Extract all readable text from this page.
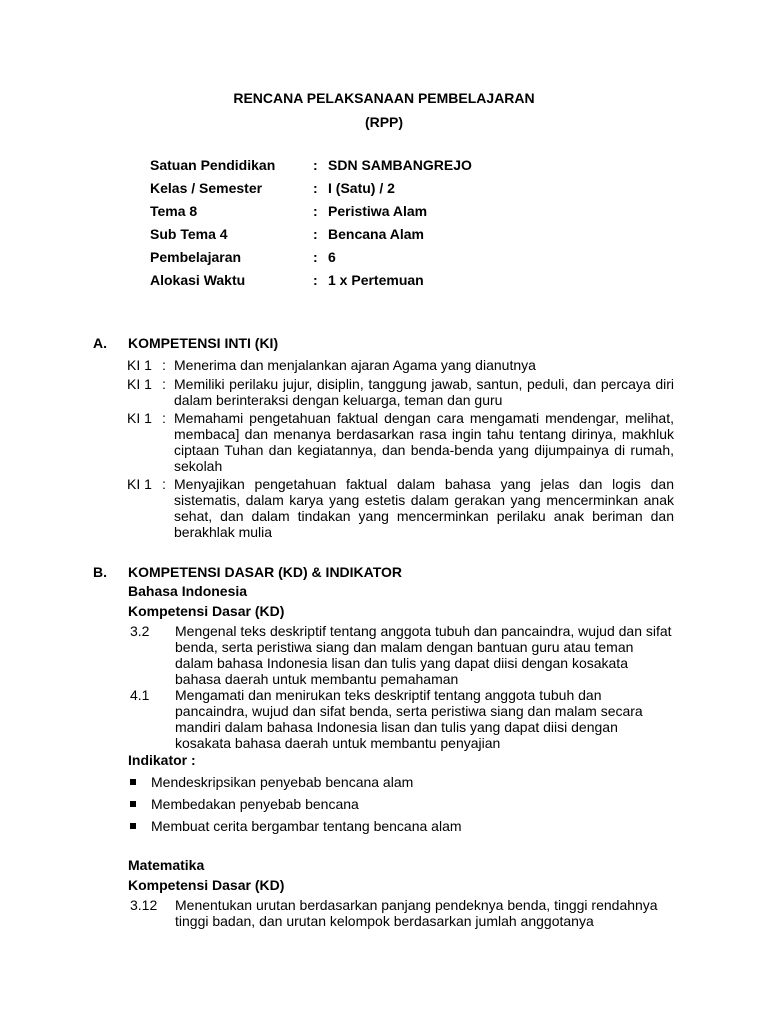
RENCANA PELAKSANAAN PEMBELAJARAN
(RPP)
Satuan Pendidikan	: SDN SAMBANGREJO
Kelas / Semester	: I (Satu) / 2
Tema 8	: Peristiwa Alam
Sub Tema 4	: Bencana Alam
Pembelajaran	: 6
Alokasi Waktu	: 1 x Pertemuan
A. KOMPETENSI INTI (KI)
KI 1 : Menerima dan menjalankan ajaran Agama yang dianutnya
KI 1 : Memiliki perilaku jujur, disiplin, tanggung jawab, santun, peduli, dan percaya diri dalam berinteraksi dengan keluarga, teman dan guru
KI 1 : Memahami pengetahuan faktual dengan cara mengamati mendengar, melihat, membaca] dan menanya berdasarkan rasa ingin tahu tentang dirinya, makhluk ciptaan Tuhan dan kegiatannya, dan benda-benda yang dijumpainya di rumah, sekolah
KI 1 : Menyajikan pengetahuan faktual dalam bahasa yang jelas dan logis dan sistematis, dalam karya yang estetis dalam gerakan yang mencerminkan anak sehat, dan dalam tindakan yang mencerminkan perilaku anak beriman dan berakhlak mulia
B. KOMPETENSI DASAR (KD) & INDIKATOR
Bahasa Indonesia
Kompetensi Dasar (KD)
3.2 Mengenal teks deskriptif tentang anggota tubuh dan pancaindra, wujud dan sifat benda, serta peristiwa siang dan malam dengan bantuan guru atau teman dalam bahasa Indonesia lisan dan tulis yang dapat diisi dengan kosakata bahasa daerah untuk membantu pemahaman
4.1 Mengamati dan menirukan teks deskriptif tentang anggota tubuh dan pancaindra, wujud dan sifat benda, serta peristiwa siang dan malam secara mandiri dalam bahasa Indonesia lisan dan tulis yang dapat diisi dengan kosakata bahasa daerah untuk membantu penyajian
Indikator :
Mendeskripsikan penyebab bencana alam
Membedakan penyebab bencana
Membuat cerita bergambar tentang bencana alam
Matematika
Kompetensi Dasar (KD)
3.12 Menentukan urutan berdasarkan panjang pendeknya benda, tinggi rendahnya tinggi badan, dan urutan kelompok berdasarkan jumlah anggotanya
